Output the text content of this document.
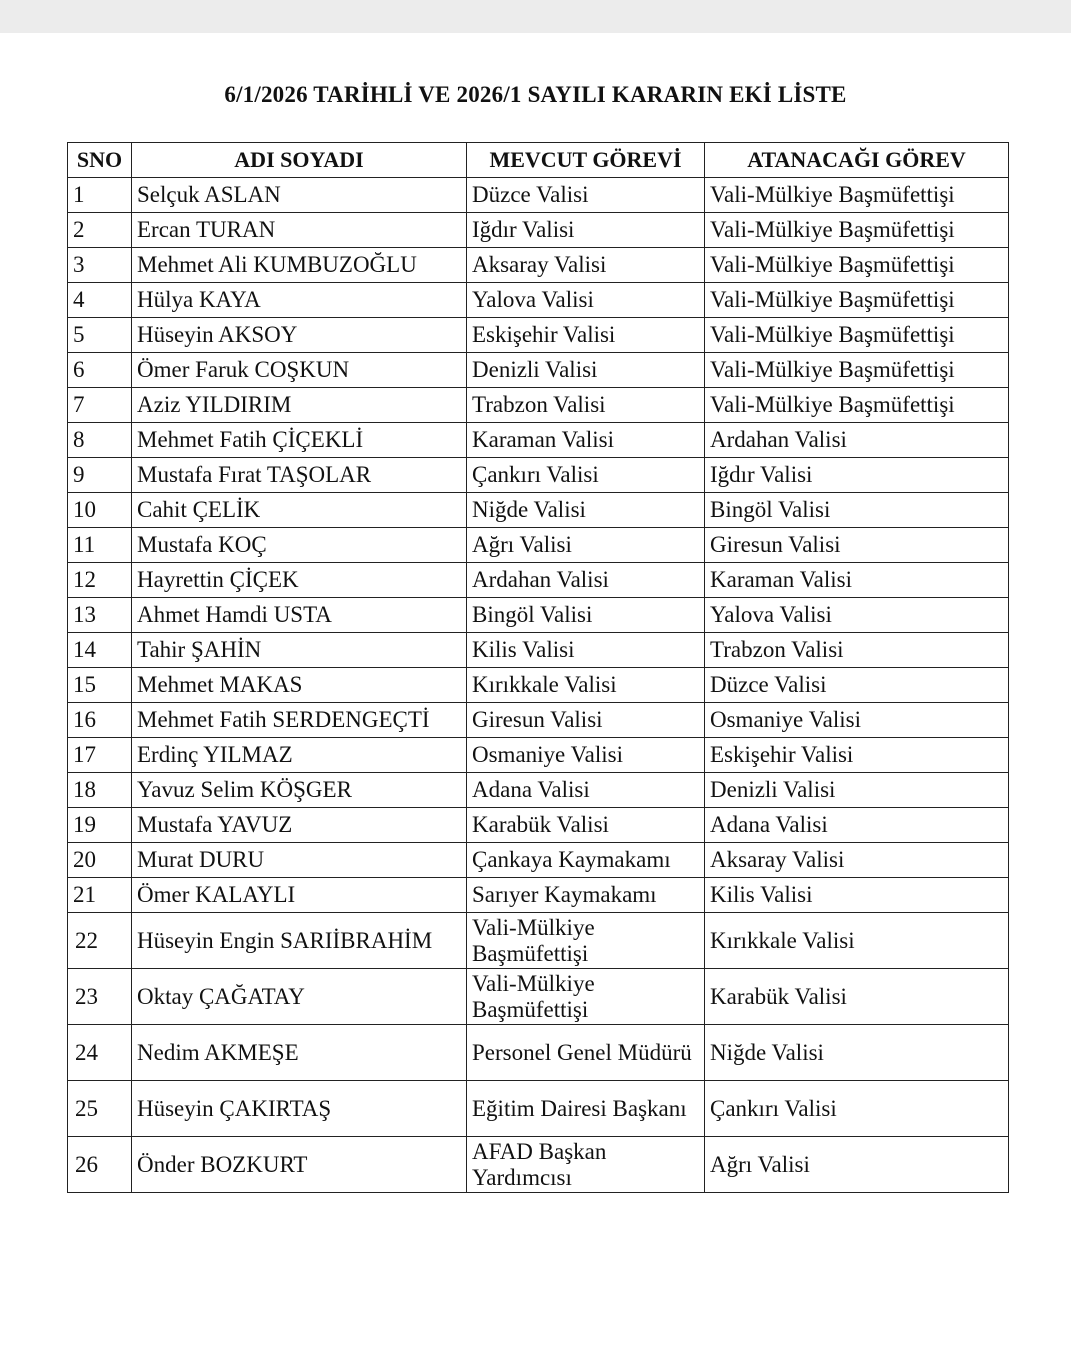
6/1/2026 TARİHLİ VE 2026/1 SAYILI KARARIN EKİ LİSTE
SNO	ADI SOYADI	MEVCUT GÖREVİ	ATANACAĞI GÖREV
1	Selçuk ASLAN	Düzce Valisi	Vali-Mülkiye Başmüfettişi
2	Ercan TURAN	Iğdır Valisi	Vali-Mülkiye Başmüfettişi
3	Mehmet Ali KUMBUZOĞLU	Aksaray Valisi	Vali-Mülkiye Başmüfettişi
4	Hülya KAYA	Yalova Valisi	Vali-Mülkiye Başmüfettişi
5	Hüseyin AKSOY	Eskişehir Valisi	Vali-Mülkiye Başmüfettişi
6	Ömer Faruk COŞKUN	Denizli Valisi	Vali-Mülkiye Başmüfettişi
7	Aziz YILDIRIM	Trabzon Valisi	Vali-Mülkiye Başmüfettişi
8	Mehmet Fatih ÇİÇEKLİ	Karaman Valisi	Ardahan Valisi
9	Mustafa Fırat TAŞOLAR	Çankırı Valisi	Iğdır Valisi
10	Cahit ÇELİK	Niğde Valisi	Bingöl Valisi
11	Mustafa KOÇ	Ağrı Valisi	Giresun Valisi
12	Hayrettin ÇİÇEK	Ardahan Valisi	Karaman Valisi
13	Ahmet Hamdi USTA	Bingöl Valisi	Yalova Valisi
14	Tahir ŞAHİN	Kilis Valisi	Trabzon Valisi
15	Mehmet MAKAS	Kırıkkale Valisi	Düzce Valisi
16	Mehmet Fatih SERDENGEÇTİ	Giresun Valisi	Osmaniye Valisi
17	Erdinç YILMAZ	Osmaniye Valisi	Eskişehir Valisi
18	Yavuz Selim KÖŞGER	Adana Valisi	Denizli Valisi
19	Mustafa YAVUZ	Karabük Valisi	Adana Valisi
20	Murat DURU	Çankaya Kaymakamı	Aksaray Valisi
21	Ömer KALAYLI	Sarıyer Kaymakamı	Kilis Valisi
22	Hüseyin Engin SARIİBRAHİM	Vali-Mülkiye Başmüfettişi	Kırıkkale Valisi
23	Oktay ÇAĞATAY	Vali-Mülkiye Başmüfettişi	Karabük Valisi
24	Nedim AKMEŞE	Personel Genel Müdürü	Niğde Valisi
25	Hüseyin ÇAKIRTAŞ	Eğitim Dairesi Başkanı	Çankırı Valisi
26	Önder BOZKURT	AFAD Başkan Yardımcısı	Ağrı Valisi
